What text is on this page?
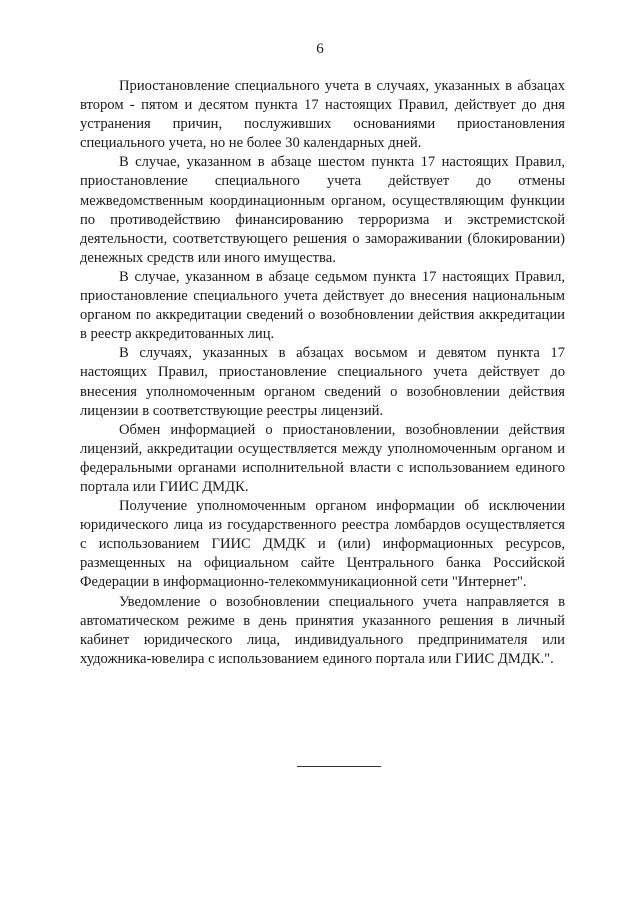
6

Приостановление специального учета в случаях, указанных в абзацах втором - пятом и десятом пункта 17 настоящих Правил, действует до дня устранения причин, послуживших основаниями приостановления специального учета, но не более 30 календарных дней.

В случае, указанном в абзаце шестом пункта 17 настоящих Правил, приостановление специального учета действует до отмены межведомственным координационным органом, осуществляющим функции по противодействию финансированию терроризма и экстремистской деятельности, соответствующего решения о замораживании (блокировании) денежных средств или иного имущества.

В случае, указанном в абзаце седьмом пункта 17 настоящих Правил, приостановление специального учета действует до внесения национальным органом по аккредитации сведений о возобновлении действия аккредитации в реестр аккредитованных лиц.

В случаях, указанных в абзацах восьмом и девятом пункта 17 настоящих Правил, приостановление специального учета действует до внесения уполномоченным органом сведений о возобновлении действия лицензии в соответствующие реестры лицензий.

Обмен информацией о приостановлении, возобновлении действия лицензий, аккредитации осуществляется между уполномоченным органом и федеральными органами исполнительной власти с использованием единого портала или ГИИС ДМДК.

Получение уполномоченным органом информации об исключении юридического лица из государственного реестра ломбардов осуществляется с использованием ГИИС ДМДК и (или) информационных ресурсов, размещенных на официальном сайте Центрального банка Российской Федерации в информационно-телекоммуникационной сети "Интернет".

Уведомление о возобновлении специального учета направляется в автоматическом режиме в день принятия указанного решения в личный кабинет юридического лица, индивидуального предпринимателя или художника-ювелира с использованием единого портала или ГИИС ДМДК.".
